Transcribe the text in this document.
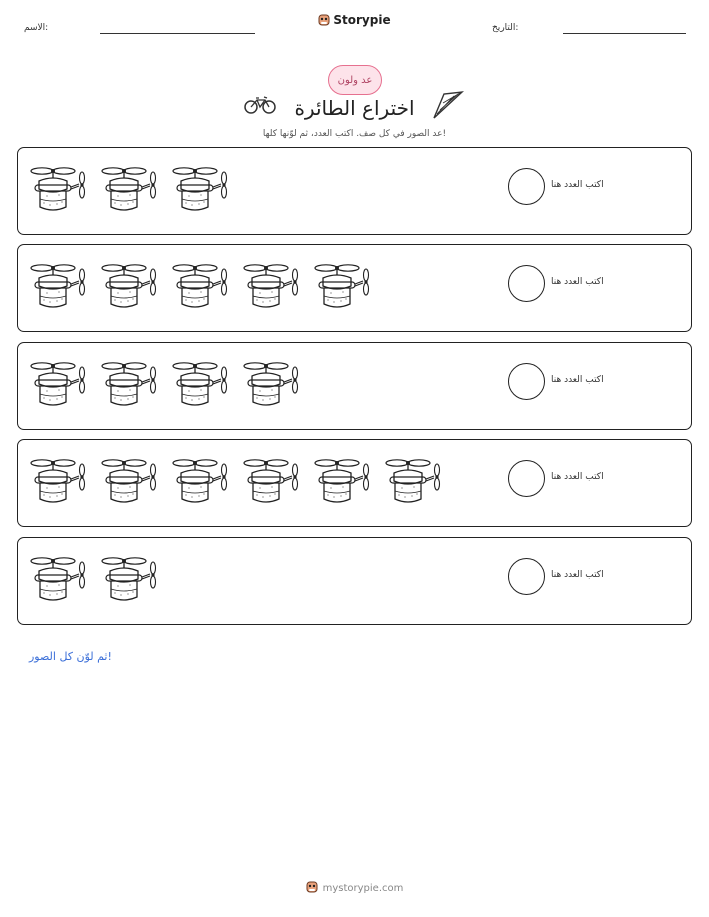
الاسم:
Storypie
التاريخ:
عد ولون
اختراع الطائرة
عد الصور في كل صف. اكتب العدد، ثم لوّنها كلها!
اكتب العدد هنا
اكتب العدد هنا
اكتب العدد هنا
اكتب العدد هنا
اكتب العدد هنا
ثم لوّن كل الصور!
mystorypie.com
